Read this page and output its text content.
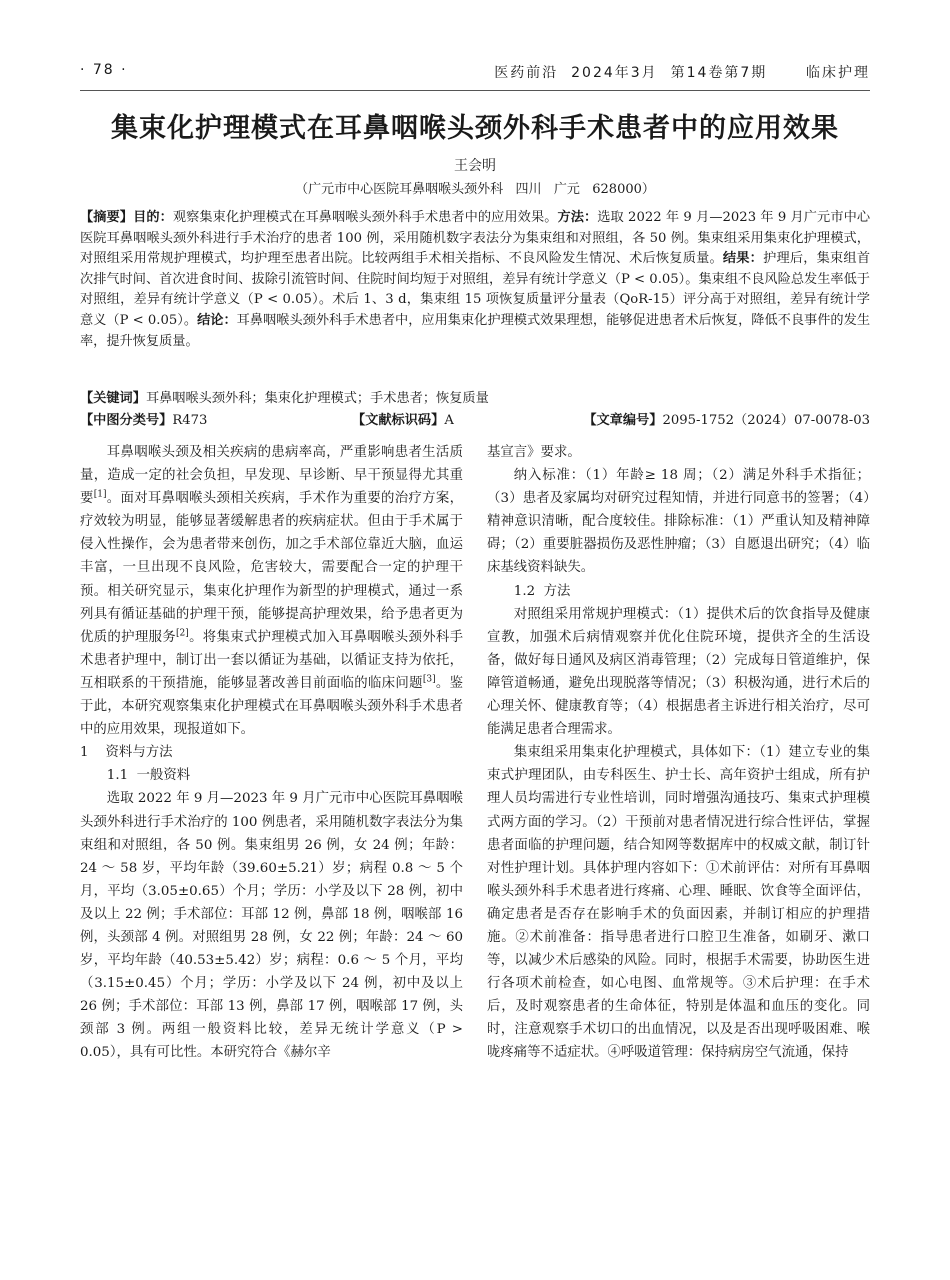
· 78 ·	医药前沿  2024年3月  第14卷第7期      临床护理
集束化护理模式在耳鼻咽喉头颈外科手术患者中的应用效果
王会明
（广元市中心医院耳鼻咽喉头颈外科   四川   广元   628000）
【摘要】目的：观察集束化护理模式在耳鼻咽喉头颈外科手术患者中的应用效果。方法：选取 2022 年 9 月—2023 年 9 月广元市中心医院耳鼻咽喉头颈外科进行手术治疗的患者 100 例，采用随机数字表法分为集束组和对照组，各 50 例。集束组采用集束化护理模式，对照组采用常规护理模式，均护理至患者出院。比较两组手术相关指标、不良风险发生情况、术后恢复质量。结果：护理后，集束组首次排气时间、首次进食时间、拔除引流管时间、住院时间均短于对照组，差异有统计学意义（P < 0.05）。集束组不良风险总发生率低于对照组，差异有统计学意义（P < 0.05）。术后 1、3 d，集束组 15 项恢复质量评分量表（QoR-15）评分高于对照组，差异有统计学意义（P < 0.05）。结论：耳鼻咽喉头颈外科手术患者中，应用集束化护理模式效果理想，能够促进患者术后恢复，降低不良事件的发生率，提升恢复质量。
【关键词】耳鼻咽喉头颈外科；集束化护理模式；手术患者；恢复质量
【中图分类号】R473	【文献标识码】A	【文章编号】2095-1752（2024）07-0078-03

耳鼻咽喉头颈及相关疾病的患病率高，严重影响患者生活质量，造成一定的社会负担，早发现、早诊断、早干预显得尤其重要[1]。面对耳鼻咽喉头颈相关疾病，手术作为重要的治疗方案，疗效较为明显，能够显著缓解患者的疾病症状。但由于手术属于侵入性操作，会为患者带来创伤，加之手术部位靠近大脑，血运丰富，一旦出现不良风险，危害较大，需要配合一定的护理干预。相关研究显示，集束化护理作为新型的护理模式，通过一系列具有循证基础的护理干预，能够提高护理效果，给予患者更为优质的护理服务[2]。将集束式护理模式加入耳鼻咽喉头颈外科手术患者护理中，制订出一套以循证为基础，以循证支持为依托，互相联系的干预措施，能够显著改善目前面临的临床问题[3]。鉴于此，本研究观察集束化护理模式在耳鼻咽喉头颈外科手术患者中的应用效果，现报道如下。

1    资料与方法

1.1  一般资料

选取 2022 年 9 月—2023 年 9 月广元市中心医院耳鼻咽喉头颈外科进行手术治疗的 100 例患者，采用随机数字表法分为集束组和对照组，各 50 例。集束组男 26 例，女 24 例；年龄：24 ～ 58 岁，平均年龄（39.60±5.21）岁；病程 0.8 ～ 5 个月，平均（3.05±0.65）个月；学历：小学及以下 28 例，初中及以上 22 例；手术部位：耳部 12 例，鼻部 18 例，咽喉部 16 例，头颈部 4 例。对照组男 28 例，女 22 例；年龄：24 ～ 60 岁，平均年龄（40.53±5.42）岁；病程：0.6 ～ 5 个月，平均（3.15±0.45）个月；学历：小学及以下 24 例，初中及以上 26 例；手术部位：耳部 13 例，鼻部 17 例，咽喉部 17 例，头颈部 3 例。两组一般资料比较，差异无统计学意义（P > 0.05），具有可比性。本研究符合《赫尔辛

基宣言》要求。

纳入标准：（1）年龄≥ 18 周；（2）满足外科手术指征；（3）患者及家属均对研究过程知情，并进行同意书的签署；（4）精神意识清晰，配合度较佳。排除标准：（1）严重认知及精神障碍；（2）重要脏器损伤及恶性肿瘤；（3）自愿退出研究；（4）临床基线资料缺失。

1.2  方法

对照组采用常规护理模式：（1）提供术后的饮食指导及健康宣教，加强术后病情观察并优化住院环境，提供齐全的生活设备，做好每日通风及病区消毒管理；（2）完成每日管道维护，保障管道畅通，避免出现脱落等情况；（3）积极沟通，进行术后的心理关怀、健康教育等；（4）根据患者主诉进行相关治疗，尽可能满足患者合理需求。

集束组采用集束化护理模式，具体如下：（1）建立专业的集束式护理团队，由专科医生、护士长、高年资护士组成，所有护理人员均需进行专业性培训，同时增强沟通技巧、集束式护理模式两方面的学习。（2）干预前对患者情况进行综合性评估，掌握患者面临的护理问题，结合知网等数据库中的权威文献，制订针对性护理计划。具体护理内容如下：①术前评估：对所有耳鼻咽喉头颈外科手术患者进行疼痛、心理、睡眠、饮食等全面评估，确定患者是否存在影响手术的负面因素，并制订相应的护理措施。②术前准备：指导患者进行口腔卫生准备，如刷牙、漱口等，以减少术后感染的风险。同时，根据手术需要，协助医生进行各项术前检查，如心电图、血常规等。③术后护理：在手术后，及时观察患者的生命体征，特别是体温和血压的变化。同时，注意观察手术切口的出血情况，以及是否出现呼吸困难、喉咙疼痛等不适症状。④呼吸道管理：保持病房空气流通，保持
